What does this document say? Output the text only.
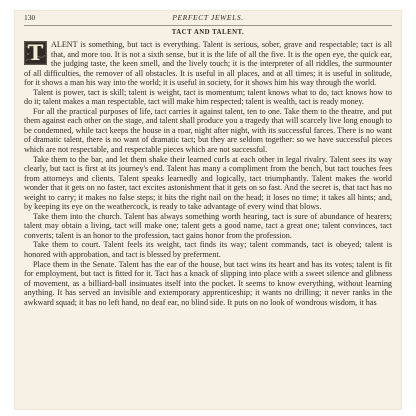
130	PERFECT JEWELS.
TACT AND TALENT.

T ALENT is something, but tact is everything. Talent is serious, sober, grave and respectable; tact is all that, and more too. It is not a sixth sense, but it is the life of all the five. It is the open eye, the quick ear, the judging taste, the keen smell, and the lively touch; it is the interpreter of all riddles, the surmounter of all difficulties, the remover of all obstacles. It is useful in all places, and at all times; it is useful in solitude, for it shows a man his way into the world; it is useful in society, for it shows him his way through the world.

Talent is power, tact is skill; talent is weight, tact is momentum; talent knows what to do, tact knows how to do it; talent makes a man respectable, tact will make him respected; talent is wealth, tact is ready money.

For all the practical purposes of life, tact carries it against talent, ten to one. Take them to the theatre, and put them against each other on the stage, and talent shall produce you a tragedy that will scarcely live long enough to be condemned, while tact keeps the house in a roar, night after night, with its successful farces. There is no want of dramatic talent, there is no want of dramatic tact; but they are seldom together: so we have successful pieces which are not respectable, and respectable pieces which are not successful.

Take them to the bar, and let them shake their learned curls at each other in legal rivalry. Talent sees its way clearly, but tact is first at its journey's end. Talent has many a compliment from the bench, but tact touches fees from attorneys and clients. Talent speaks learnedly and logically, tact triumphantly. Talent makes the world wonder that it gets on no faster, tact excites astonishment that it gets on so fast. And the secret is, that tact has no weight to carry; it makes no false steps; it hits the right nail on the head; it loses no time; it takes all hints; and, by keeping its eye on the weathercock, is ready to take advantage of every wind that blows.

Take them into the church. Talent has always something worth hearing, tact is sure of abundance of hearers; talent may obtain a living, tact will make one; talent gets a good name, tact a great one; talent convinces, tact converts; talent is an honor to the profession, tact gains honor from the profession.

Take them to court. Talent feels its weight, tact finds its way; talent commands, tact is obeyed; talent is honored with approbation, and tact is blessed by preferment.

Place them in the Senate. Talent has the ear of the house, but tact wins its heart and has its votes; talent is fit for employment, but tact is fitted for it. Tact has a knack of slipping into place with a sweet silence and glibness of movement, as a billiard-ball insinuates itself into the pocket. It seems to know everything, without learning anything. It has served an invisible and extemporary apprenticeship; it wants no drilling; it never ranks in the awkward squad; it has no left hand, no deaf ear, no blind side. It puts on no look of wondrous wisdom, it has
